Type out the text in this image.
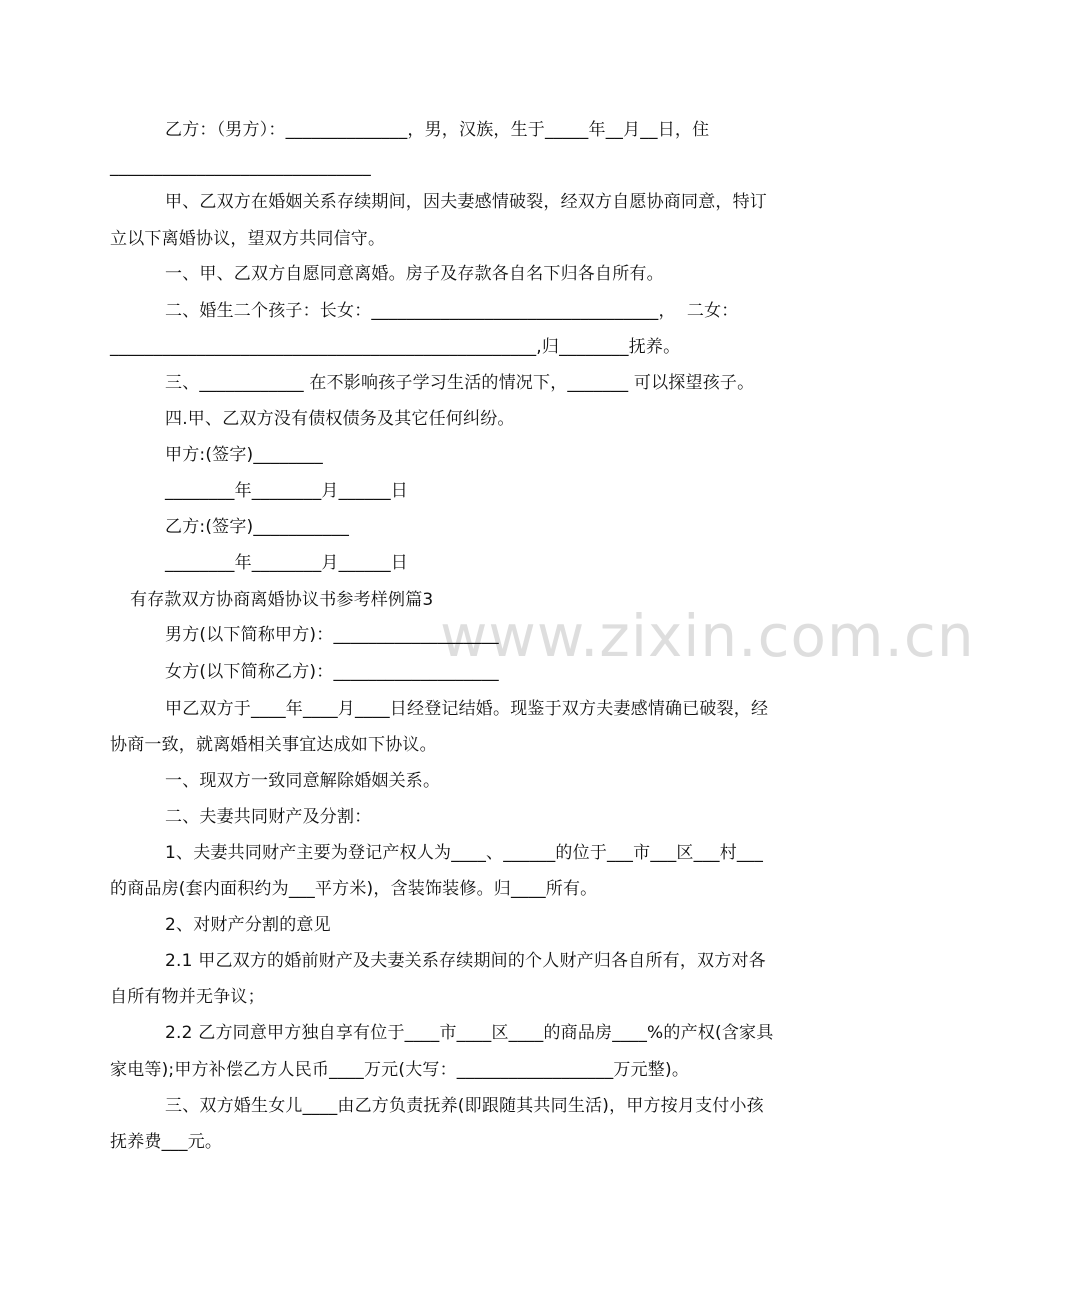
www.zixin.com.cn
乙方：（男方）：______________，男，汉族，生于_____年__月__日，住
______________________________
甲、乙双方在婚姻关系存续期间，因夫妻感情破裂，经双方自愿协商同意，特订
立以下离婚协议，望双方共同信守。
一、甲、乙双方自愿同意离婚。房子及存款各自名下归各自所有。
二、婚生二个孩子：长女：_________________________________，  二女：
_________________________________________________,归________抚养。
三、____________ 在不影响孩子学习生活的情况下，_______ 可以探望孩子。
四.甲、乙双方没有债权债务及其它任何纠纷。
甲方:(签字)________
________年________月______日
乙方:(签字)___________
________年________月______日
有存款双方协商离婚协议书参考样例篇3
男方(以下简称甲方)：___________________
女方(以下简称乙方)：___________________
甲乙双方于____年____月____日经登记结婚。现鉴于双方夫妻感情确已破裂，经
协商一致，就离婚相关事宜达成如下协议。
一、现双方一致同意解除婚姻关系。
二、夫妻共同财产及分割：
1、夫妻共同财产主要为登记产权人为____、______的位于___市___区___村___
的商品房(套内面积约为___平方米)，含装饰装修。归____所有。
2、对财产分割的意见
2.1 甲乙双方的婚前财产及夫妻关系存续期间的个人财产归各自所有，双方对各
自所有物并无争议；
2.2 乙方同意甲方独自享有位于____市____区____的商品房____%的产权(含家具
家电等);甲方补偿乙方人民币____万元(大写：__________________万元整)。
三、双方婚生女儿____由乙方负责抚养(即跟随其共同生活)，甲方按月支付小孩
抚养费___元。
